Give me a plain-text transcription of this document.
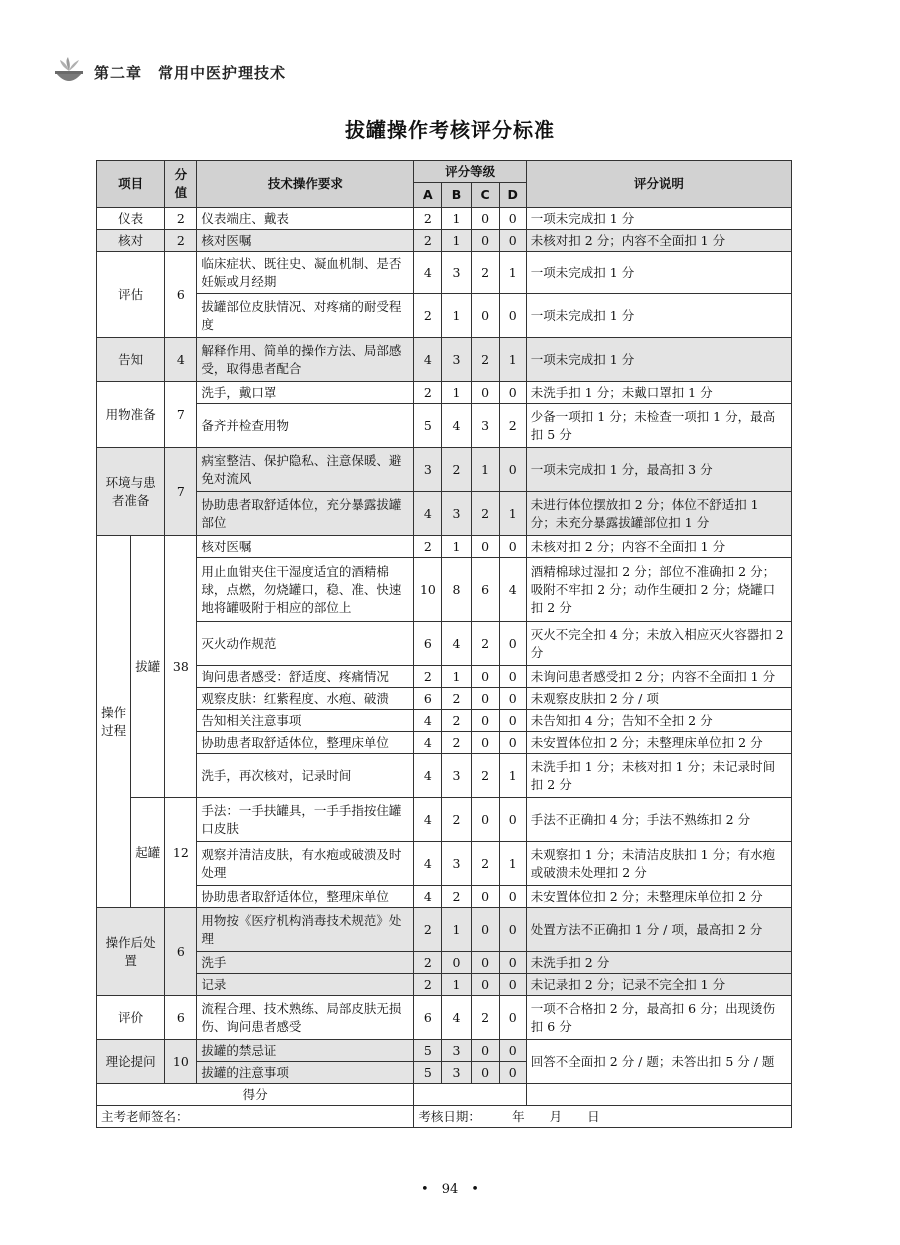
第二章　常用中医护理技术
拔罐操作考核评分标准
项目		分值	技术操作要求	评分等级				评分说明
				A	B	C	D	
仪表		2	仪表端庄、戴表	2	1	0	0	一项未完成扣 1 分
核对		2	核对医嘱	2	1	0	0	未核对扣 2 分；内容不全面扣 1 分
评估		6	临床症状、既往史、凝血机制、是否妊娠或月经期	4	3	2	1	一项未完成扣 1 分
			拔罐部位皮肤情况、对疼痛的耐受程度	2	1	0	0	一项未完成扣 1 分
告知		4	解释作用、简单的操作方法、局部感受，取得患者配合	4	3	2	1	一项未完成扣 1 分
用物准备		7	洗手，戴口罩	2	1	0	0	未洗手扣 1 分；未戴口罩扣 1 分
			备齐并检查用物	5	4	3	2	少备一项扣 1 分；未检查一项扣 1 分，最高扣 5 分
环境与患者准备		7	病室整洁、保护隐私、注意保暖、避免对流风	3	2	1	0	一项未完成扣 1 分，最高扣 3 分
			协助患者取舒适体位，充分暴露拔罐部位	4	3	2	1	未进行体位摆放扣 2 分；体位不舒适扣 1 分；未充分暴露拔罐部位扣 1 分
操作过程	拔罐	38	核对医嘱	2	1	0	0	未核对扣 2 分；内容不全面扣 1 分
			用止血钳夹住干湿度适宜的酒精棉球，点燃，勿烧罐口，稳、准、快速地将罐吸附于相应的部位上	10	8	6	4	酒精棉球过湿扣 2 分；部位不准确扣 2 分；吸附不牢扣 2 分；动作生硬扣 2 分；烧罐口扣 2 分
			灭火动作规范	6	4	2	0	灭火不完全扣 4 分；未放入相应灭火容器扣 2 分
			询问患者感受：舒适度、疼痛情况	2	1	0	0	未询问患者感受扣 2 分；内容不全面扣 1 分
			观察皮肤：红紫程度、水疱、破溃	6	2	0	0	未观察皮肤扣 2 分 / 项
			告知相关注意事项	4	2	0	0	未告知扣 4 分；告知不全扣 2 分
			协助患者取舒适体位，整理床单位	4	2	0	0	未安置体位扣 2 分；未整理床单位扣 2 分
			洗手，再次核对，记录时间	4	3	2	1	未洗手扣 1 分；未核对扣 1 分；未记录时间扣 2 分
	起罐	12	手法：一手扶罐具，一手手指按住罐口皮肤	4	2	0	0	手法不正确扣 4 分；手法不熟练扣 2 分
			观察并清洁皮肤，有水疱或破溃及时处理	4	3	2	1	未观察扣 1 分；未清洁皮肤扣 1 分；有水疱或破溃未处理扣 2 分
			协助患者取舒适体位，整理床单位	4	2	0	0	未安置体位扣 2 分；未整理床单位扣 2 分
操作后处置		6	用物按《医疗机构消毒技术规范》处理	2	1	0	0	处置方法不正确扣 1 分 / 项，最高扣 2 分
			洗手	2	0	0	0	未洗手扣 2 分
			记录	2	1	0	0	未记录扣 2 分；记录不完全扣 1 分
评价		6	流程合理、技术熟练、局部皮肤无损伤、询问患者感受	6	4	2	0	一项不合格扣 2 分，最高扣 6 分；出现烫伤扣 6 分
理论提问		10	拔罐的禁忌证	5	3	0	0	回答不全面扣 2 分 / 题；未答出扣 5 分 / 题
			拔罐的注意事项	5	3	0	0	
得分								
主考老师签名：				考核日期：　　　年　　月　　日				
•　94　•
